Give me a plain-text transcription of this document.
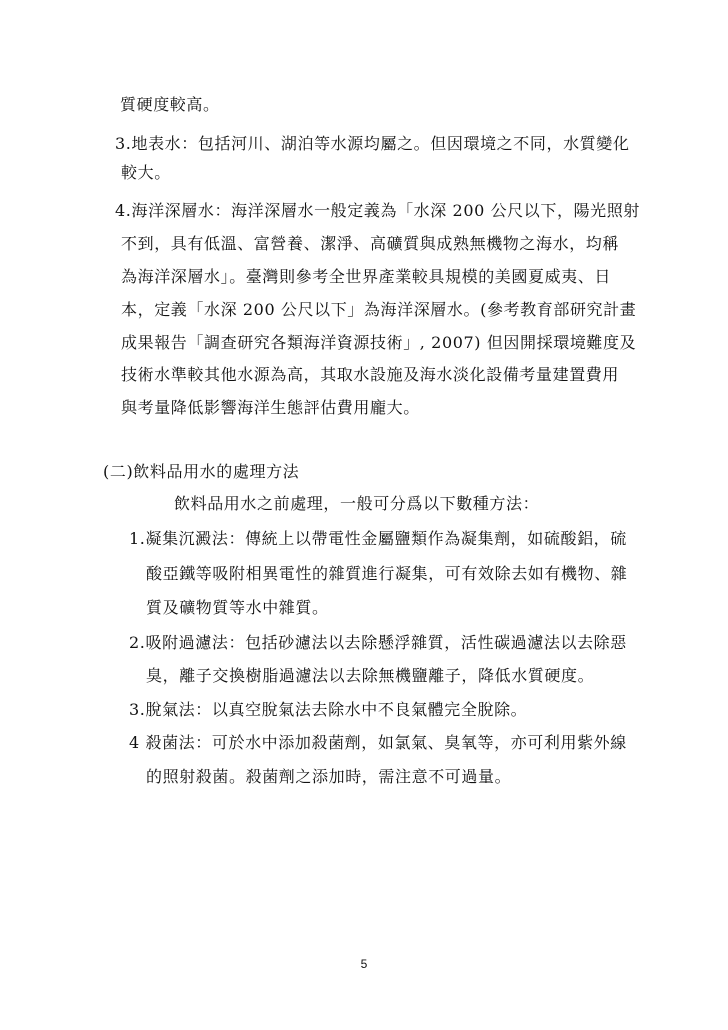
質硬度較高。
3.地表水：包括河川、湖泊等水源均屬之。但因環境之不同，水質變化
較大。
4.海洋深層水：海洋深層水一般定義為「水深 200 公尺以下，陽光照射
不到，具有低溫、富營養、潔淨、高礦質與成熟無機物之海水，均稱
為海洋深層水」。臺灣則參考全世界產業較具規模的美國夏威夷、日
本，定義「水深 200 公尺以下」為海洋深層水。(參考教育部研究計畫
成果報告「調查研究各類海洋資源技術」, 2007) 但因開採環境難度及
技術水準較其他水源為高，其取水設施及海水淡化設備考量建置費用
與考量降低影響海洋生態評估費用龐大。
(二)飲料品用水的處理方法
飲料品用水之前處理，一般可分爲以下數種方法：
1.凝集沉澱法：傳統上以帶電性金屬鹽類作為凝集劑，如硫酸鋁，硫
酸亞鐵等吸附相異電性的雜質進行凝集，可有效除去如有機物、雜
質及礦物質等水中雜質。
2.吸附過濾法：包括砂濾法以去除懸浮雜質，活性碳過濾法以去除惡
臭，離子交換樹脂過濾法以去除無機鹽離子，降低水質硬度。
3.脫氣法：以真空脫氣法去除水中不良氣體完全脫除。
4 殺菌法：可於水中添加殺菌劑，如氯氣、臭氧等，亦可利用紫外線
的照射殺菌。殺菌劑之添加時，需注意不可過量。
5
